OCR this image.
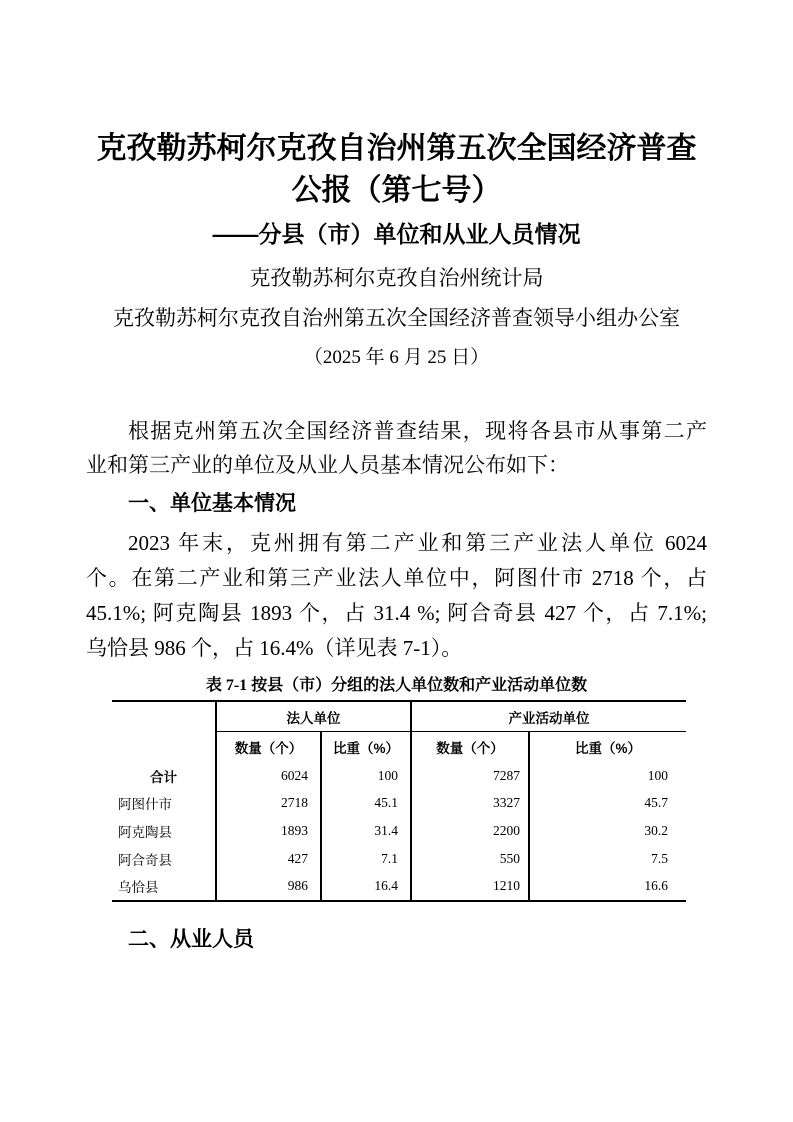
克孜勒苏柯尔克孜自治州第五次全国经济普查
公报（第七号）
——分县（市）单位和从业人员情况
克孜勒苏柯尔克孜自治州统计局
克孜勒苏柯尔克孜自治州第五次全国经济普查领导小组办公室
（2025 年 6 月 25 日）
根据克州第五次全国经济普查结果，现将各县市从事第二产
业和第三产业的单位及从业人员基本情况公布如下：
一、单位基本情况
2023 年末，克州拥有第二产业和第三产业法人单位 6024
个。在第二产业和第三产业法人单位中，阿图什市 2718 个，占
45.1%; 阿克陶县 1893 个，占 31.4 %; 阿合奇县 427 个，占 7.1%;
乌恰县 986 个，占 16.4%（详见表 7-1）。
表 7-1 按县（市）分组的法人单位数和产业活动单位数
法人单位	产业活动单位
数量（个）	比重（%）	数量（个）	比重（%）
合计	6024	100	7287	100
阿图什市	2718	45.1	3327	45.7
阿克陶县	1893	31.4	2200	30.2
阿合奇县	427	7.1	550	7.5
乌恰县	986	16.4	1210	16.6
二、从业人员
